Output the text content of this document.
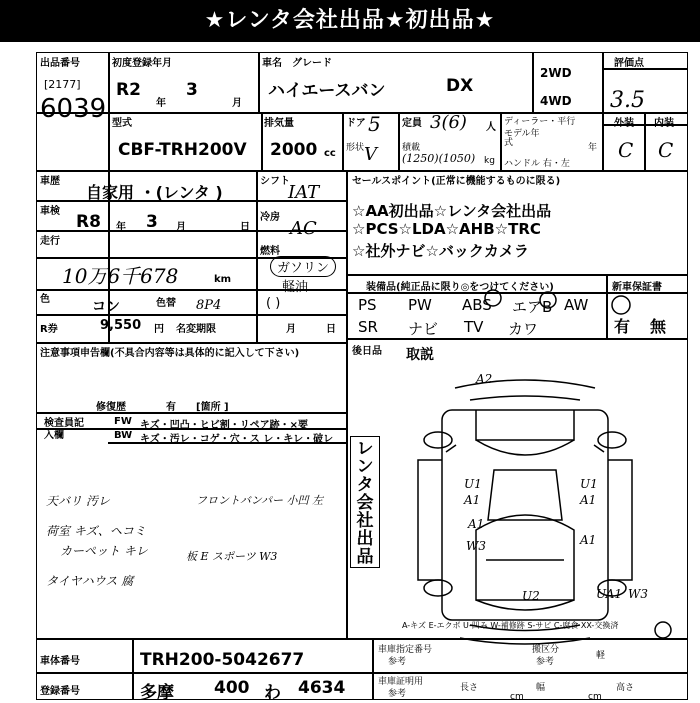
★レンタ会社出品★初出品★
出品番号
[2177]
6039
初度登録年月
R2
年
3
月
車名 グレード
ハイエースバン	DX
2WD
4WD
評価点
3.5
外装 内装
C C
型式
CBF-TRH200V
排気量
2000 cc
ドア 5 定員 3(6) 人
形状 V	積載
(1250)(1050) kg
ディーラー・平行
モデル年式	年
ハンドル 右・左
車歴
自家用 ・(レンタ )
シフト
IAT
冷房
AC
燃料
ガソリン
軽油
( )
車検
R8 年 3 月	日
走行
10万6千678	km
色	コン	色替 8P4
R券	9,550 円 名変期限	月	日
注意事項申告欄(不具合内容等は具体的に記入して下さい)
修復歴	有 [箇所 ]
検査員記入欄
FW キズ・凹凸・ヒビ割・リペア跡・×要
BW キズ・汚レ・コゲ・穴・ス レ・キレ・破レ
天バリ 汚レ
荷室 キズ、ヘコミ
カーペット キレ
タイヤハウス 腐
フロントバンパー 小凹 左
板 E スポーツ W3
セールスポイント(正常に機能するものに限る)
☆AA初出品☆レンタ会社出品
☆PCS☆LDA☆AHB☆TRC
☆社外ナビ☆バックカメラ
装備品(純正品に限り◎をつけてください)
PS PW ABS エアB AW
SR ナビ TV カワ
新車保証書
有 無
後日品 取説
レンタ会社出品
A-キズ E-エクボ U-凹み W-補修跡 S-サビ C-腐食 XX-交換済
車体番号	TRH200-5042677
登録番号	多摩 400 わ 4634
車庫指定番号
参考
車庫証明用
参考
長さ
cm
幅
cm
高さ
搬区分
参考
軽
A2
U1
A1
U1
A1
A1
W3
U2	UA1 W3
A1
